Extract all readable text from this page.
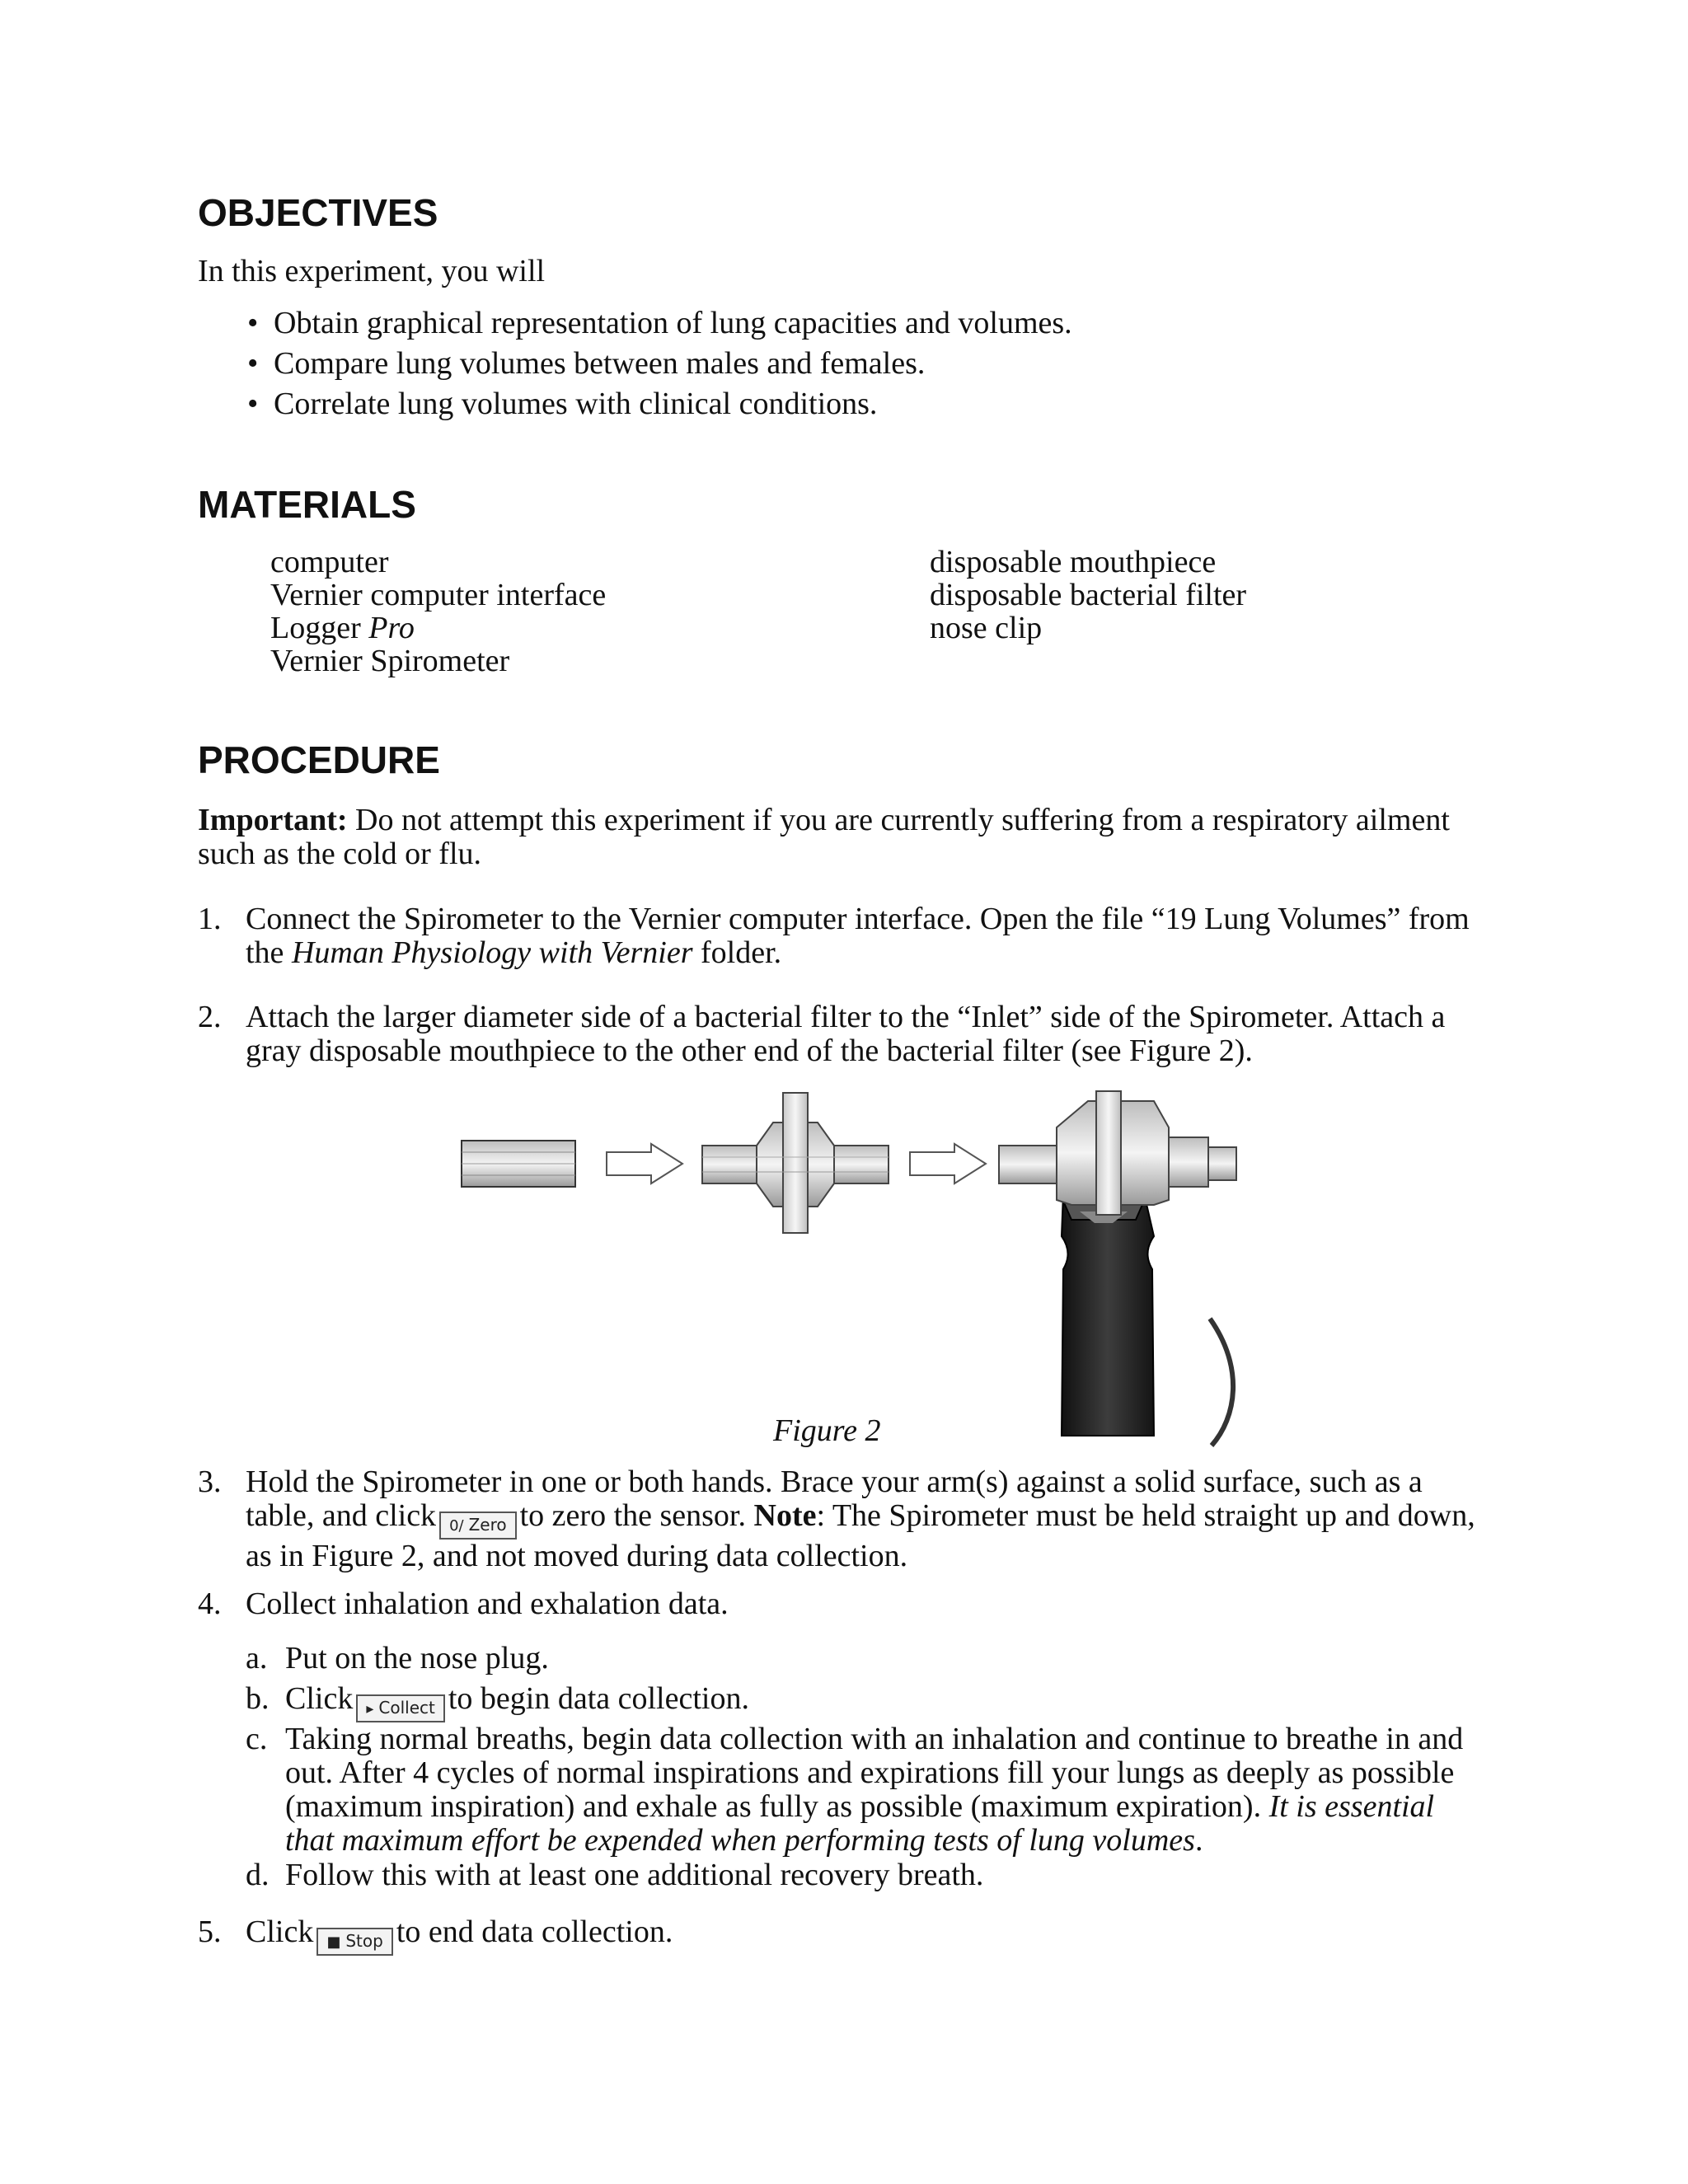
OBJECTIVES

In this experiment, you will

• Obtain graphical representation of lung capacities and volumes.
• Compare lung volumes between males and females.
• Correlate lung volumes with clinical conditions.
MATERIALS
computer
Vernier computer interface
Logger Pro
Vernier Spirometer
disposable mouthpiece
disposable bacterial filter
nose clip
PROCEDURE

Important: Do not attempt this experiment if you are currently suffering from a respiratory ailment such as the cold or flu.

1. Connect the Spirometer to the Vernier computer interface. Open the file “19 Lung Volumes” from the Human Physiology with Vernier folder.

2. Attach the larger diameter side of a bacterial filter to the “Inlet” side of the Spirometer. Attach a gray disposable mouthpiece to the other end of the bacterial filter (see Figure 2).

Figure 2

3. Hold the Spirometer in one or both hands. Brace your arm(s) against a solid surface, such as a table, and click 0/ Zero to zero the sensor. Note: The Spirometer must be held straight up and down, as in Figure 2, and not moved during data collection.

4. Collect inhalation and exhalation data.

a. Put on the nose plug.

b. Click ▸ Collect to begin data collection.

c. Taking normal breaths, begin data collection with an inhalation and continue to breathe in and out. After 4 cycles of normal inspirations and expirations fill your lungs as deeply as possible (maximum inspiration) and exhale as fully as possible (maximum expiration). It is essential that maximum effort be expended when performing tests of lung volumes.

d. Follow this with at least one additional recovery breath.

5. Click ■ Stop to end data collection.
